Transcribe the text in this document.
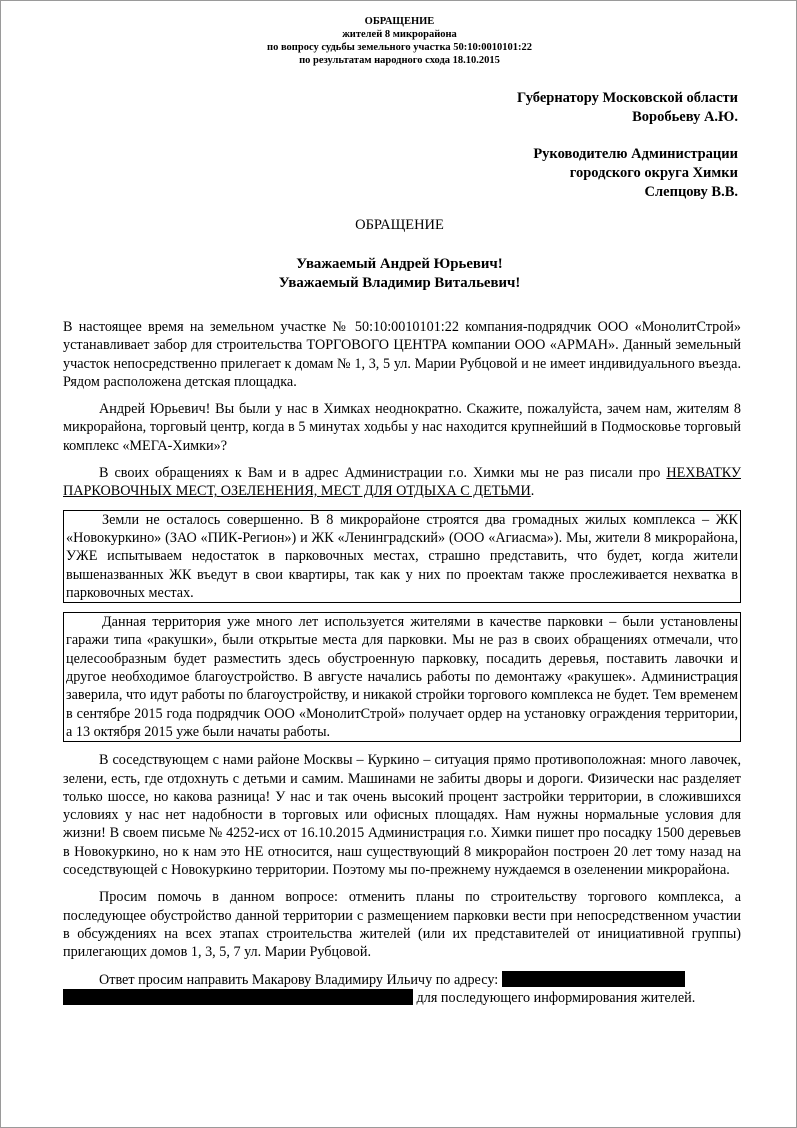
ОБРАЩЕНИЕ
жителей 8 микрорайона
по вопросу судьбы земельного участка 50:10:0010101:22
по результатам народного схода 18.10.2015
Губернатору Московской области
Воробьеву А.Ю.
Руководителю Администрации
городского округа Химки
Слепцову В.В.
ОБРАЩЕНИЕ
Уважаемый Андрей Юрьевич!
Уважаемый Владимир Витальевич!

В настоящее время на земельном участке № 50:10:0010101:22 компания-подрядчик ООО «МонолитСтрой» устанавливает забор для строительства ТОРГОВОГО ЦЕНТРА компании ООО «АРМАН». Данный земельный участок непосредственно прилегает к домам № 1, 3, 5 ул. Марии Рубцовой и не имеет индивидуального въезда. Рядом расположена детская площадка.

Андрей Юрьевич! Вы были у нас в Химках неоднократно. Скажите, пожалуйста, зачем нам, жителям 8 микрорайона, торговый центр, когда в 5 минутах ходьбы у нас находится крупнейший в Подмосковье торговый комплекс «МЕГА-Химки»?

В своих обращениях к Вам и в адрес Администрации г.о. Химки мы не раз писали про НЕХВАТКУ ПАРКОВОЧНЫХ МЕСТ, ОЗЕЛЕНЕНИЯ, МЕСТ ДЛЯ ОТДЫХА С ДЕТЬМИ.

Земли не осталось совершенно. В 8 микрорайоне строятся два громадных жилых комплекса – ЖК «Новокуркино» (ЗАО «ПИК-Регион») и ЖК «Ленинградский» (ООО «Агиасма»). Мы, жители 8 микрорайона, УЖЕ испытываем недостаток в парковочных местах, страшно представить, что будет, когда жители вышеназванных ЖК въедут в свои квартиры, так как у них по проектам также прослеживается нехватка в парковочных местах.

Данная территория уже много лет используется жителями в качестве парковки – были установлены гаражи типа «ракушки», были открытые места для парковки. Мы не раз в своих обращениях отмечали, что целесообразным будет разместить здесь обустроенную парковку, посадить деревья, поставить лавочки и другое необходимое благоустройство. В августе начались работы по демонтажу «ракушек». Администрация заверила, что идут работы по благоустройству, и никакой стройки торгового комплекса не будет. Тем временем в сентябре 2015 года подрядчик ООО «МонолитСтрой» получает ордер на установку ограждения территории, а 13 октября 2015 уже были начаты работы.

В соседствующем с нами районе Москвы – Куркино – ситуация прямо противоположная: много лавочек, зелени, есть, где отдохнуть с детьми и самим. Машинами не забиты дворы и дороги. Физически нас разделяет только шоссе, но какова разница! У нас и так очень высокий процент застройки территории, в сложившихся условиях у нас нет надобности в торговых или офисных площадях. Нам нужны нормальные условия для жизни! В своем письме № 4252-исх от 16.10.2015 Администрация г.о. Химки пишет про посадку 1500 деревьев в Новокуркино, но к нам это НЕ относится, наш существующий 8 микрорайон построен 20 лет тому назад на соседствующей с Новокуркино территории. Поэтому мы по-прежнему нуждаемся в озеленении микрорайона.

Просим помочь в данном вопросе: отменить планы по строительству торгового комплекса, а последующее обустройство данной территории с размещением парковки вести при непосредственном участии в обсуждениях на всех этапах строительства жителей (или их представителей от инициативной группы) прилегающих домов 1, 3, 5, 7 ул. Марии Рубцовой.

Ответ просим направить Макарову Владимиру Ильичу по адресу:
для последующего информирования жителей.
